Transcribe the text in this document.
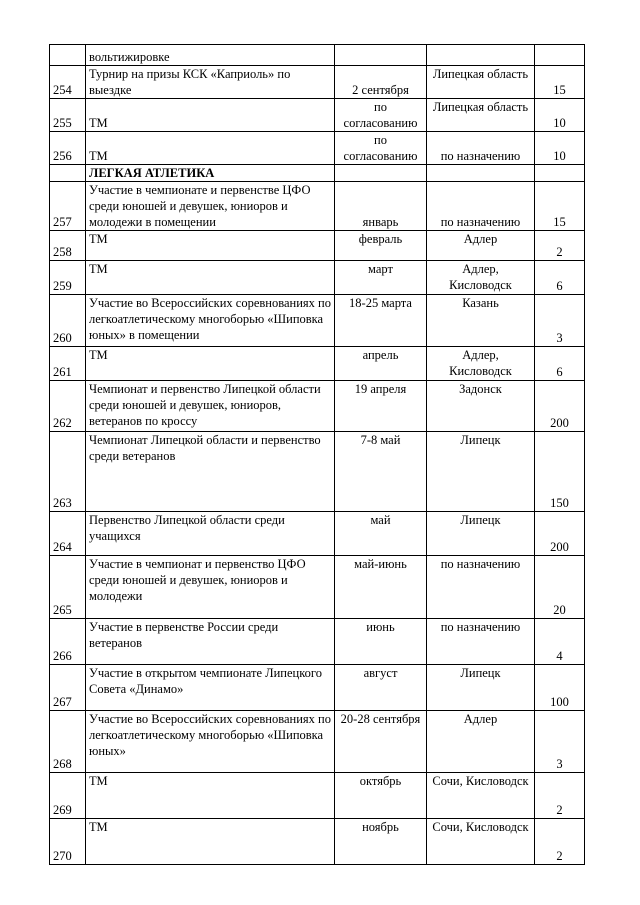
	вольтижировке			
254	Турнир на призы КСК «Каприоль» по выездке	2 сентября	Липецкая область	15
255	ТМ	по согласованию	Липецкая область	10
256	ТМ	по согласованию	по назначению	10
	ЛЕГКАЯ АТЛЕТИКА			
257	Участие в чемпионате и первенстве ЦФО среди юношей и девушек, юниоров и молодежи в помещении	январь	по назначению	15
258	ТМ	февраль	Адлер	2
259	ТМ	март	Адлер, Кисловодск	6
260	Участие во Всероссийских соревнованиях по легкоатлетическому многоборью «Шиповка юных» в помещении	18-25 марта	Казань	3
261	ТМ	апрель	Адлер, Кисловодск	6
262	Чемпионат и первенство Липецкой области среди юношей и девушек, юниоров, ветеранов по кроссу	19 апреля	Задонск	200
263	Чемпионат Липецкой области и первенство среди ветеранов	7-8 май	Липецк	150
264	Первенство Липецкой области среди учащихся	май	Липецк	200
265	Участие в чемпионат и первенство ЦФО среди юношей и девушек, юниоров и молодежи	май-июнь	по назначению	20
266	Участие в первенстве России среди ветеранов	июнь	по назначению	4
267	Участие в открытом чемпионате Липецкого Совета «Динамо»	август	Липецк	100
268	Участие во Всероссийских соревнованиях по легкоатлетическому многоборью «Шиповка юных»	20-28 сентября	Адлер	3
269	ТМ	октябрь	Сочи, Кисловодск	2
270	ТМ	ноябрь	Сочи, Кисловодск	2
